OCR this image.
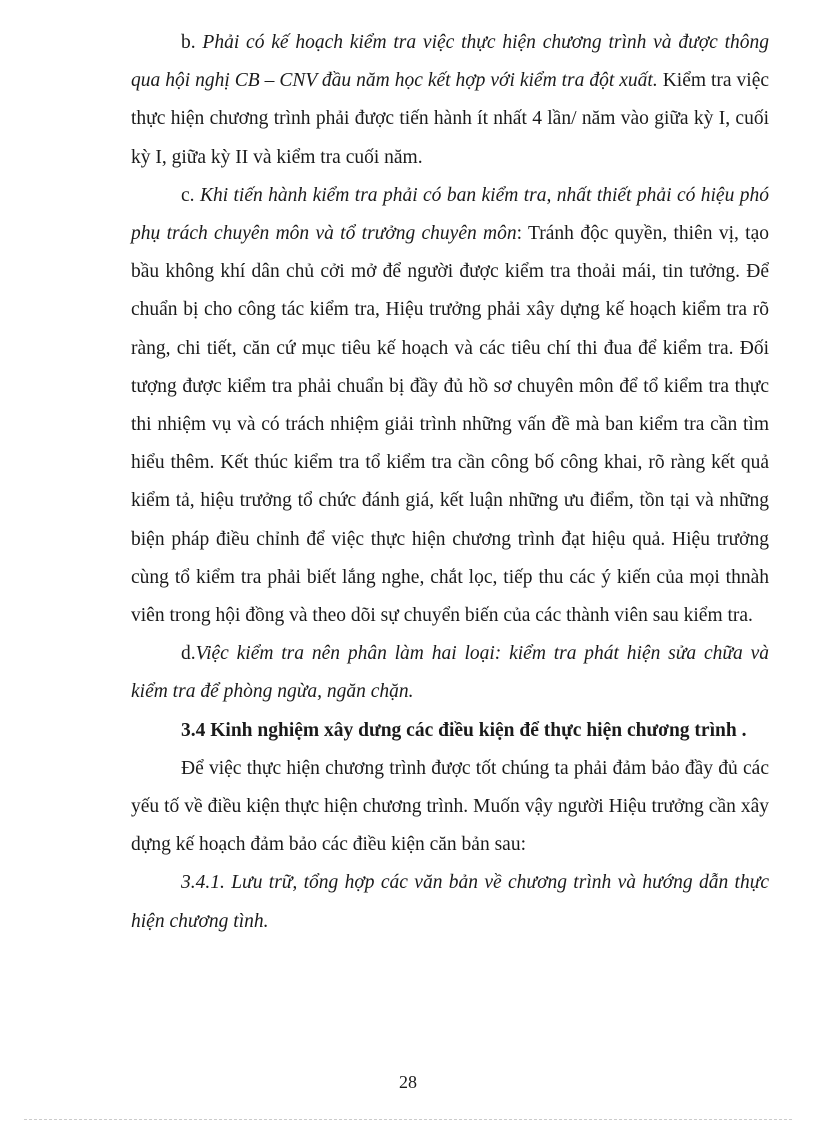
b. Phải có kế hoạch kiểm tra việc thực hiện chương trình và được thông qua hội nghị CB – CNV đầu năm học kết hợp với kiểm tra đột xuất. Kiểm tra việc thực hiện chương trình phải được tiến hành ít nhất 4 lần/ năm vào giữa kỳ I, cuối kỳ I, giữa kỳ II và kiểm tra cuối năm.

c. Khi tiến hành kiểm tra phải có ban kiểm tra, nhất thiết phải có hiệu phó phụ trách chuyên môn và tổ trưởng chuyên môn: Tránh độc quyền, thiên vị, tạo bầu không khí dân chủ cởi mở để người được kiểm tra thoải mái, tin tưởng. Để chuẩn bị cho công tác kiểm tra, Hiệu trưởng phải xây dựng kế hoạch kiểm tra rõ ràng, chi tiết, căn cứ mục tiêu kế hoạch và các tiêu chí thi đua để kiểm tra. Đối tượng được kiểm tra phải chuẩn bị đầy đủ hồ sơ chuyên môn để tổ kiểm tra thực thi nhiệm vụ và có trách nhiệm giải trình những vấn đề mà ban kiểm tra cần tìm hiểu thêm. Kết thúc kiểm tra tổ kiểm tra cần công bố công khai, rõ ràng kết quả kiểm tả, hiệu trưởng tổ chức đánh giá, kết luận những ưu điểm, tồn tại và những biện pháp điều chỉnh để việc thực hiện chương trình đạt hiệu quả. Hiệu trưởng cùng tổ kiểm tra phải biết lắng nghe, chắt lọc, tiếp thu các ý kiến của mọi thnàh viên trong hội đồng và theo dõi sự chuyển biến của các thành viên sau kiểm tra.

d.Việc kiểm tra nên phân làm hai loại: kiểm tra phát hiện sửa chữa và kiểm tra để phòng ngừa, ngăn chặn.

3.4 Kinh nghiệm xây dưng các điều kiện để thực hiện chương trình .

Để việc thực hiện chương trình được tốt chúng ta phải đảm bảo đầy đủ các yếu tố về điều kiện thực hiện chương trình. Muốn vậy người Hiệu trưởng cần xây dựng kế hoạch đảm bảo các điều kiện căn bản sau:

3.4.1. Lưu trữ, tổng hợp các văn bản về chương trình và hướng dẫn thực hiện chương tình.

28
